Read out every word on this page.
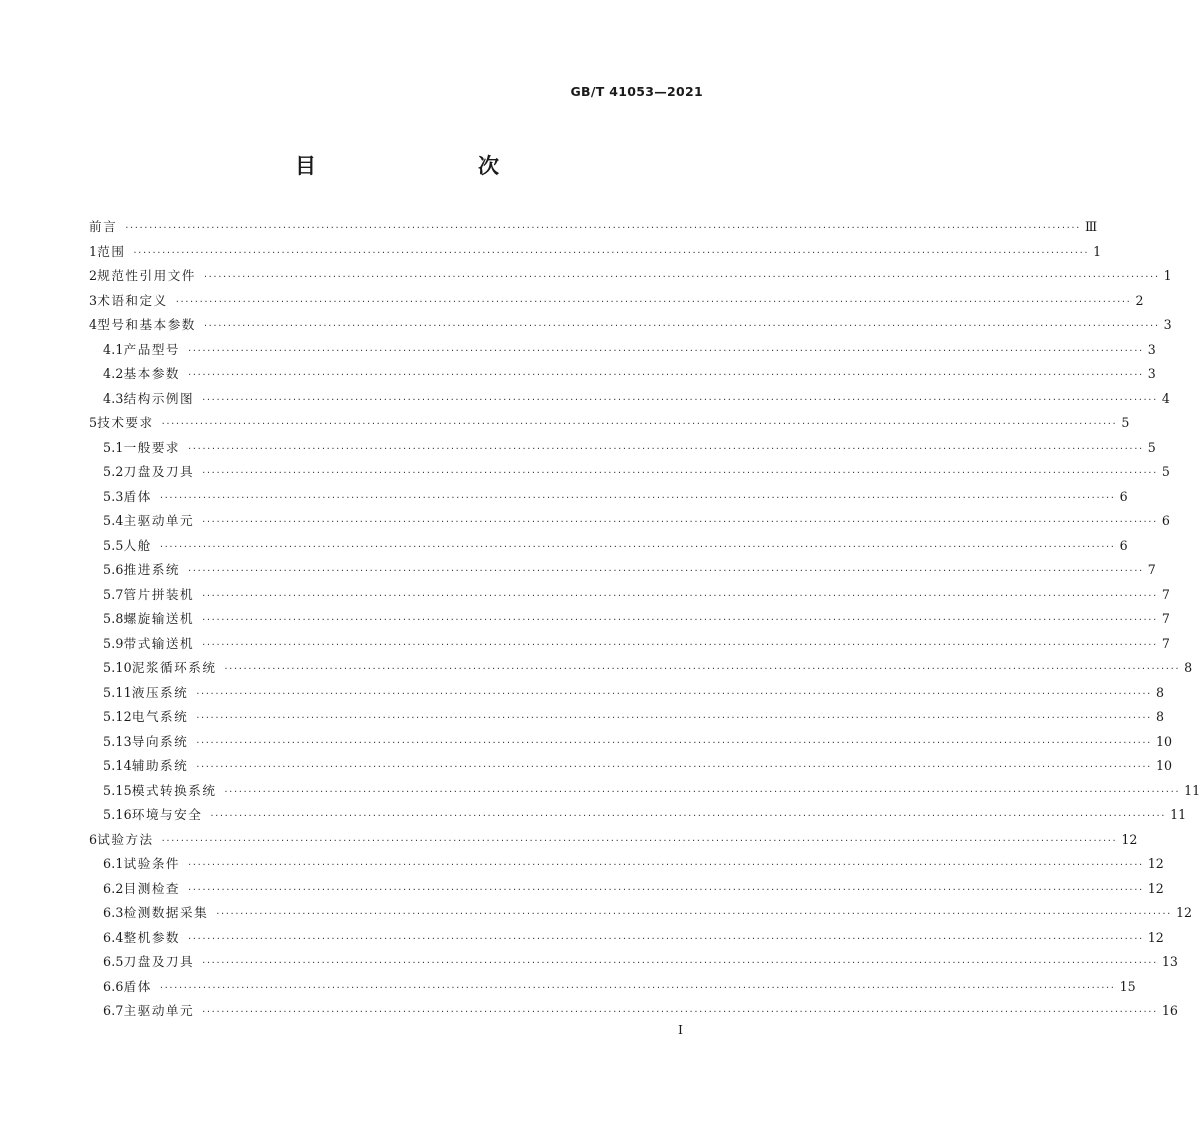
GB/T 41053—2021
目　　次
前言 ········································································································································································································ Ⅲ
1 范围 ········································································································································································································ 1
2 规范性引用文件 ········································································································································································································ 1
3 术语和定义 ········································································································································································································ 2
4 型号和基本参数 ········································································································································································································ 3
4.1 产品型号 ········································································································································································································ 3
4.2 基本参数 ········································································································································································································ 3
4.3 结构示例图 ········································································································································································································ 4
5 技术要求 ········································································································································································································ 5
5.1 一般要求 ········································································································································································································ 5
5.2 刀盘及刀具 ········································································································································································································ 5
5.3 盾体 ········································································································································································································ 6
5.4 主驱动单元 ········································································································································································································ 6
5.5 人舱 ········································································································································································································ 6
5.6 推进系统 ········································································································································································································ 7
5.7 管片拼装机 ········································································································································································································ 7
5.8 螺旋输送机 ········································································································································································································ 7
5.9 带式输送机 ········································································································································································································ 7
5.10 泥浆循环系统 ········································································································································································································ 8
5.11 液压系统 ········································································································································································································ 8
5.12 电气系统 ········································································································································································································ 8
5.13 导向系统 ········································································································································································································ 10
5.14 辅助系统 ········································································································································································································ 10
5.15 模式转换系统 ········································································································································································································ 11
5.16 环境与安全 ········································································································································································································ 11
6 试验方法 ········································································································································································································ 12
6.1 试验条件 ········································································································································································································ 12
6.2 目测检查 ········································································································································································································ 12
6.3 检测数据采集 ········································································································································································································ 12
6.4 整机参数 ········································································································································································································ 12
6.5 刀盘及刀具 ········································································································································································································ 13
6.6 盾体 ········································································································································································································ 15
6.7 主驱动单元 ········································································································································································································ 16
I
